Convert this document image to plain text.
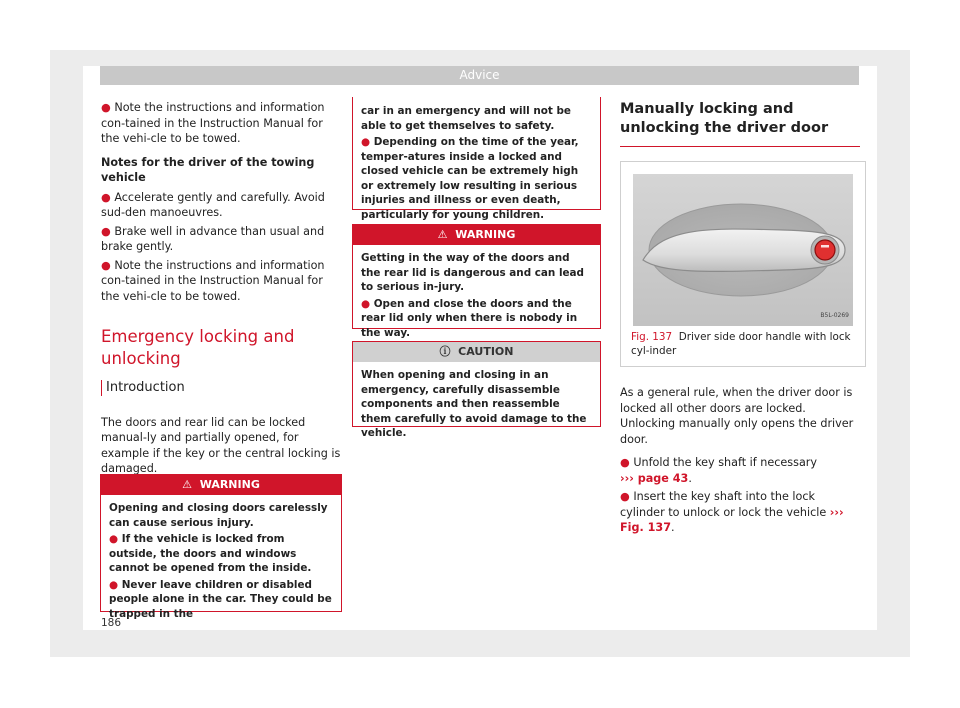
Advice

● Note the instructions and information con-tained in the Instruction Manual for the vehi-cle to be towed.

Notes for the driver of the towing vehicle

● Accelerate gently and carefully. Avoid sud-den manoeuvres.

● Brake well in advance than usual and brake gently.

● Note the instructions and information con-tained in the Instruction Manual for the vehi-cle to be towed.

Emergency locking and unlocking

Introduction

The doors and rear lid can be locked manual-ly and partially opened, for example if the key or the central locking is damaged.

⚠ WARNING
Opening and closing doors carelessly can cause serious injury.
● If the vehicle is locked from outside, the doors and windows cannot be opened from the inside.
● Never leave children or disabled people alone in the car. They could be trapped in the
car in an emergency and will not be able to get themselves to safety.
● Depending on the time of the year, temper-atures inside a locked and closed vehicle can be extremely high or extremely low resulting in serious injuries and illness or even death, particularly for young children.
⚠ WARNING
Getting in the way of the doors and the rear lid is dangerous and can lead to serious in-jury.
● Open and close the doors and the rear lid only when there is nobody in the way.
ⓘ CAUTION
When opening and closing in an emergency, carefully disassemble components and then reassemble them carefully to avoid damage to the vehicle.
Manually locking and unlocking the driver door
B5L-0269
Fig. 137 Driver side door handle with lock cyl-inder

As a general rule, when the driver door is locked all other doors are locked. Unlocking manually only opens the driver door.

● Unfold the key shaft if necessary
››› page 43.

● Insert the key shaft into the lock cylinder to unlock or lock the vehicle ››› Fig. 137.

186
